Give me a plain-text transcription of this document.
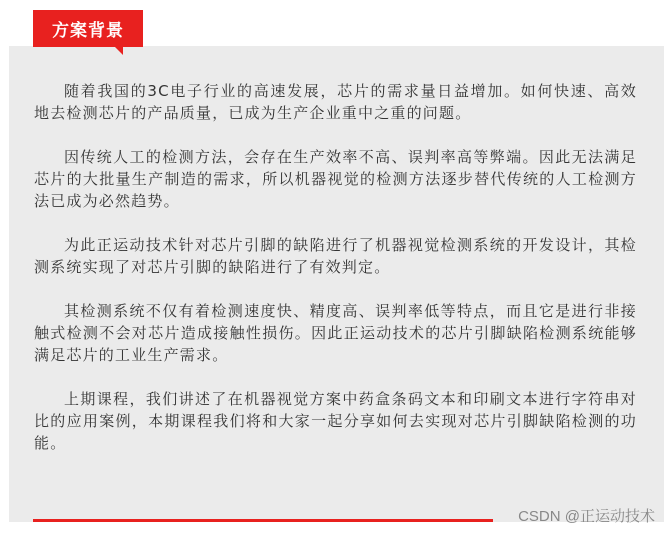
方案背景

随着我国的3C电子行业的高速发展，芯片的需求量日益增加。如何快速、高效地去检测芯片的产品质量，已成为生产企业重中之重的问题。

因传统人工的检测方法，会存在生产效率不高、误判率高等弊端。因此无法满足芯片的大批量生产制造的需求，所以机器视觉的检测方法逐步替代传统的人工检测方法已成为必然趋势。

为此正运动技术针对芯片引脚的缺陷进行了机器视觉检测系统的开发设计，其检测系统实现了对芯片引脚的缺陷进行了有效判定。

其检测系统不仅有着检测速度快、精度高、误判率低等特点，而且它是进行非接触式检测不会对芯片造成接触性损伤。因此正运动技术的芯片引脚缺陷检测系统能够满足芯片的工业生产需求。

上期课程，我们讲述了在机器视觉方案中药盒条码文本和印刷文本进行字符串对比的应用案例，本期课程我们将和大家一起分享如何去实现对芯片引脚缺陷检测的功能。

CSDN @正运动技术
